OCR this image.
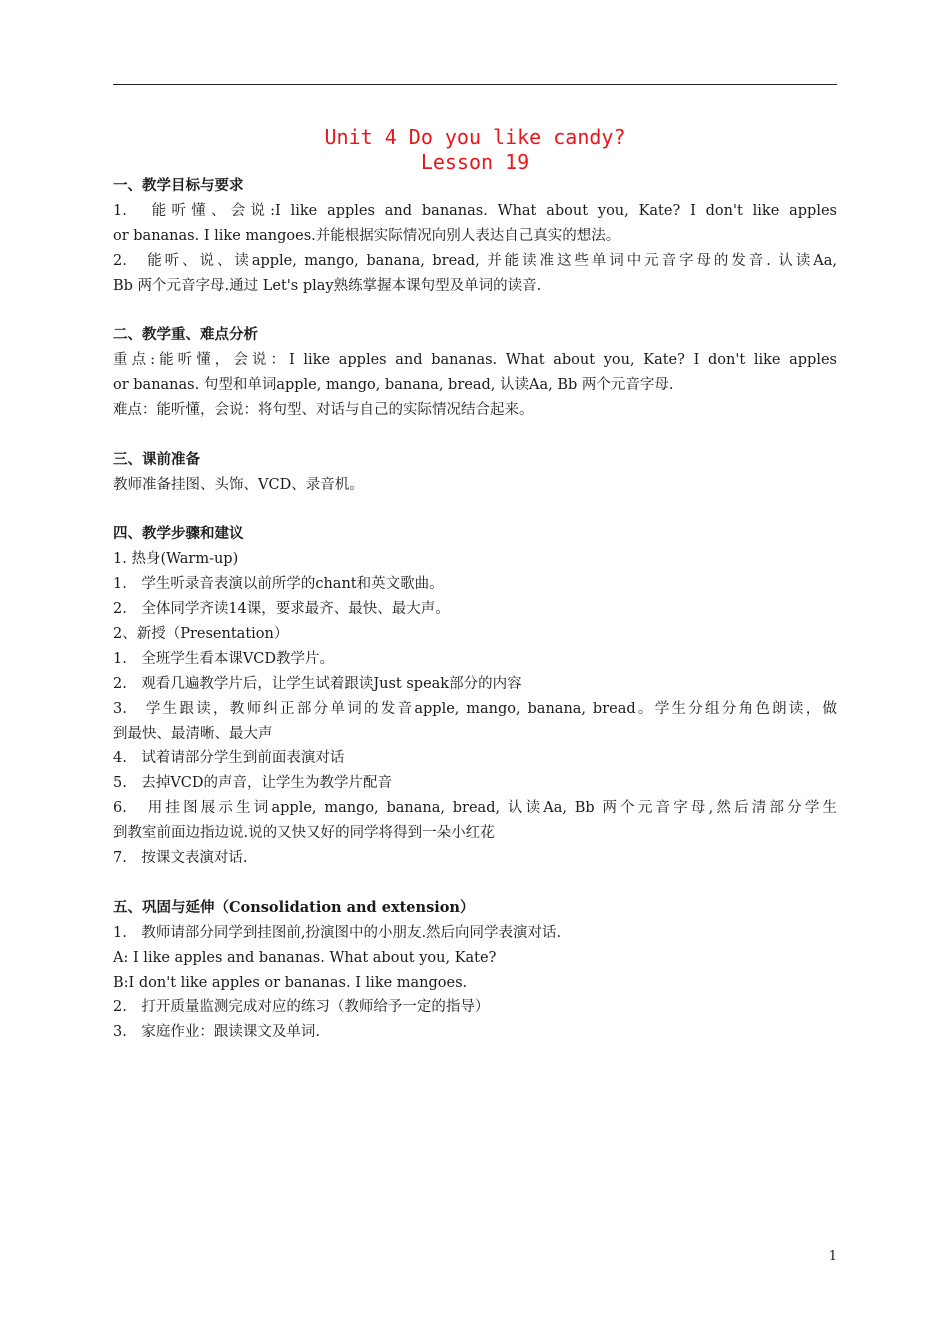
Unit 4 Do you like candy?
Lesson 19
一、教学目标与要求
1.　能听懂、会说:I like apples and bananas. What about you, Kate? I don't like apples
or bananas. I like mangoes.并能根据实际情况向别人表达自己真实的想法。
2.　能听、说、读apple, mango, banana, bread, 并能读准这些单词中元音字母的发音. 认读Aa,
Bb 两个元音字母.通过 Let's play熟练掌握本课句型及单词的读音.
二、教学重、难点分析
重点:能听懂，会说：I like apples and bananas. What about you, Kate? I don't like apples
or bananas. 句型和单词apple, mango, banana, bread, 认读Aa, Bb 两个元音字母.
难点：能听懂，会说：将句型、对话与自己的实际情况结合起来。
三、课前准备
教师准备挂图、头饰、VCD、录音机。
四、教学步骤和建议
1. 热身(Warm-up)
1.　学生听录音表演以前所学的chant和英文歌曲。
2.　全体同学齐读14课，要求最齐、最快、最大声。
2、新授（Presentation）
1.　全班学生看本课VCD教学片。
2.　观看几遍教学片后，让学生试着跟读Just speak部分的内容
3.　学生跟读，教师纠正部分单词的发音apple, mango, banana, bread。学生分组分角色朗读，做
到最快、最清晰、最大声
4.　试着请部分学生到前面表演对话
5.　去掉VCD的声音，让学生为教学片配音
6.　用挂图展示生词apple, mango, banana, bread, 认读Aa, Bb 两个元音字母,然后清部分学生
到教室前面边指边说.说的又快又好的同学将得到一朵小红花
7.　按课文表演对话.
五、巩固与延伸（Consolidation and extension）
1.　教师请部分同学到挂图前,扮演图中的小朋友.然后向同学表演对话.
A: I like apples and bananas. What about you, Kate?
B:I don't like apples or bananas. I like mangoes.
2.　打开质量监测完成对应的练习（教师给予一定的指导）
3.　家庭作业：跟读课文及单词.
1
